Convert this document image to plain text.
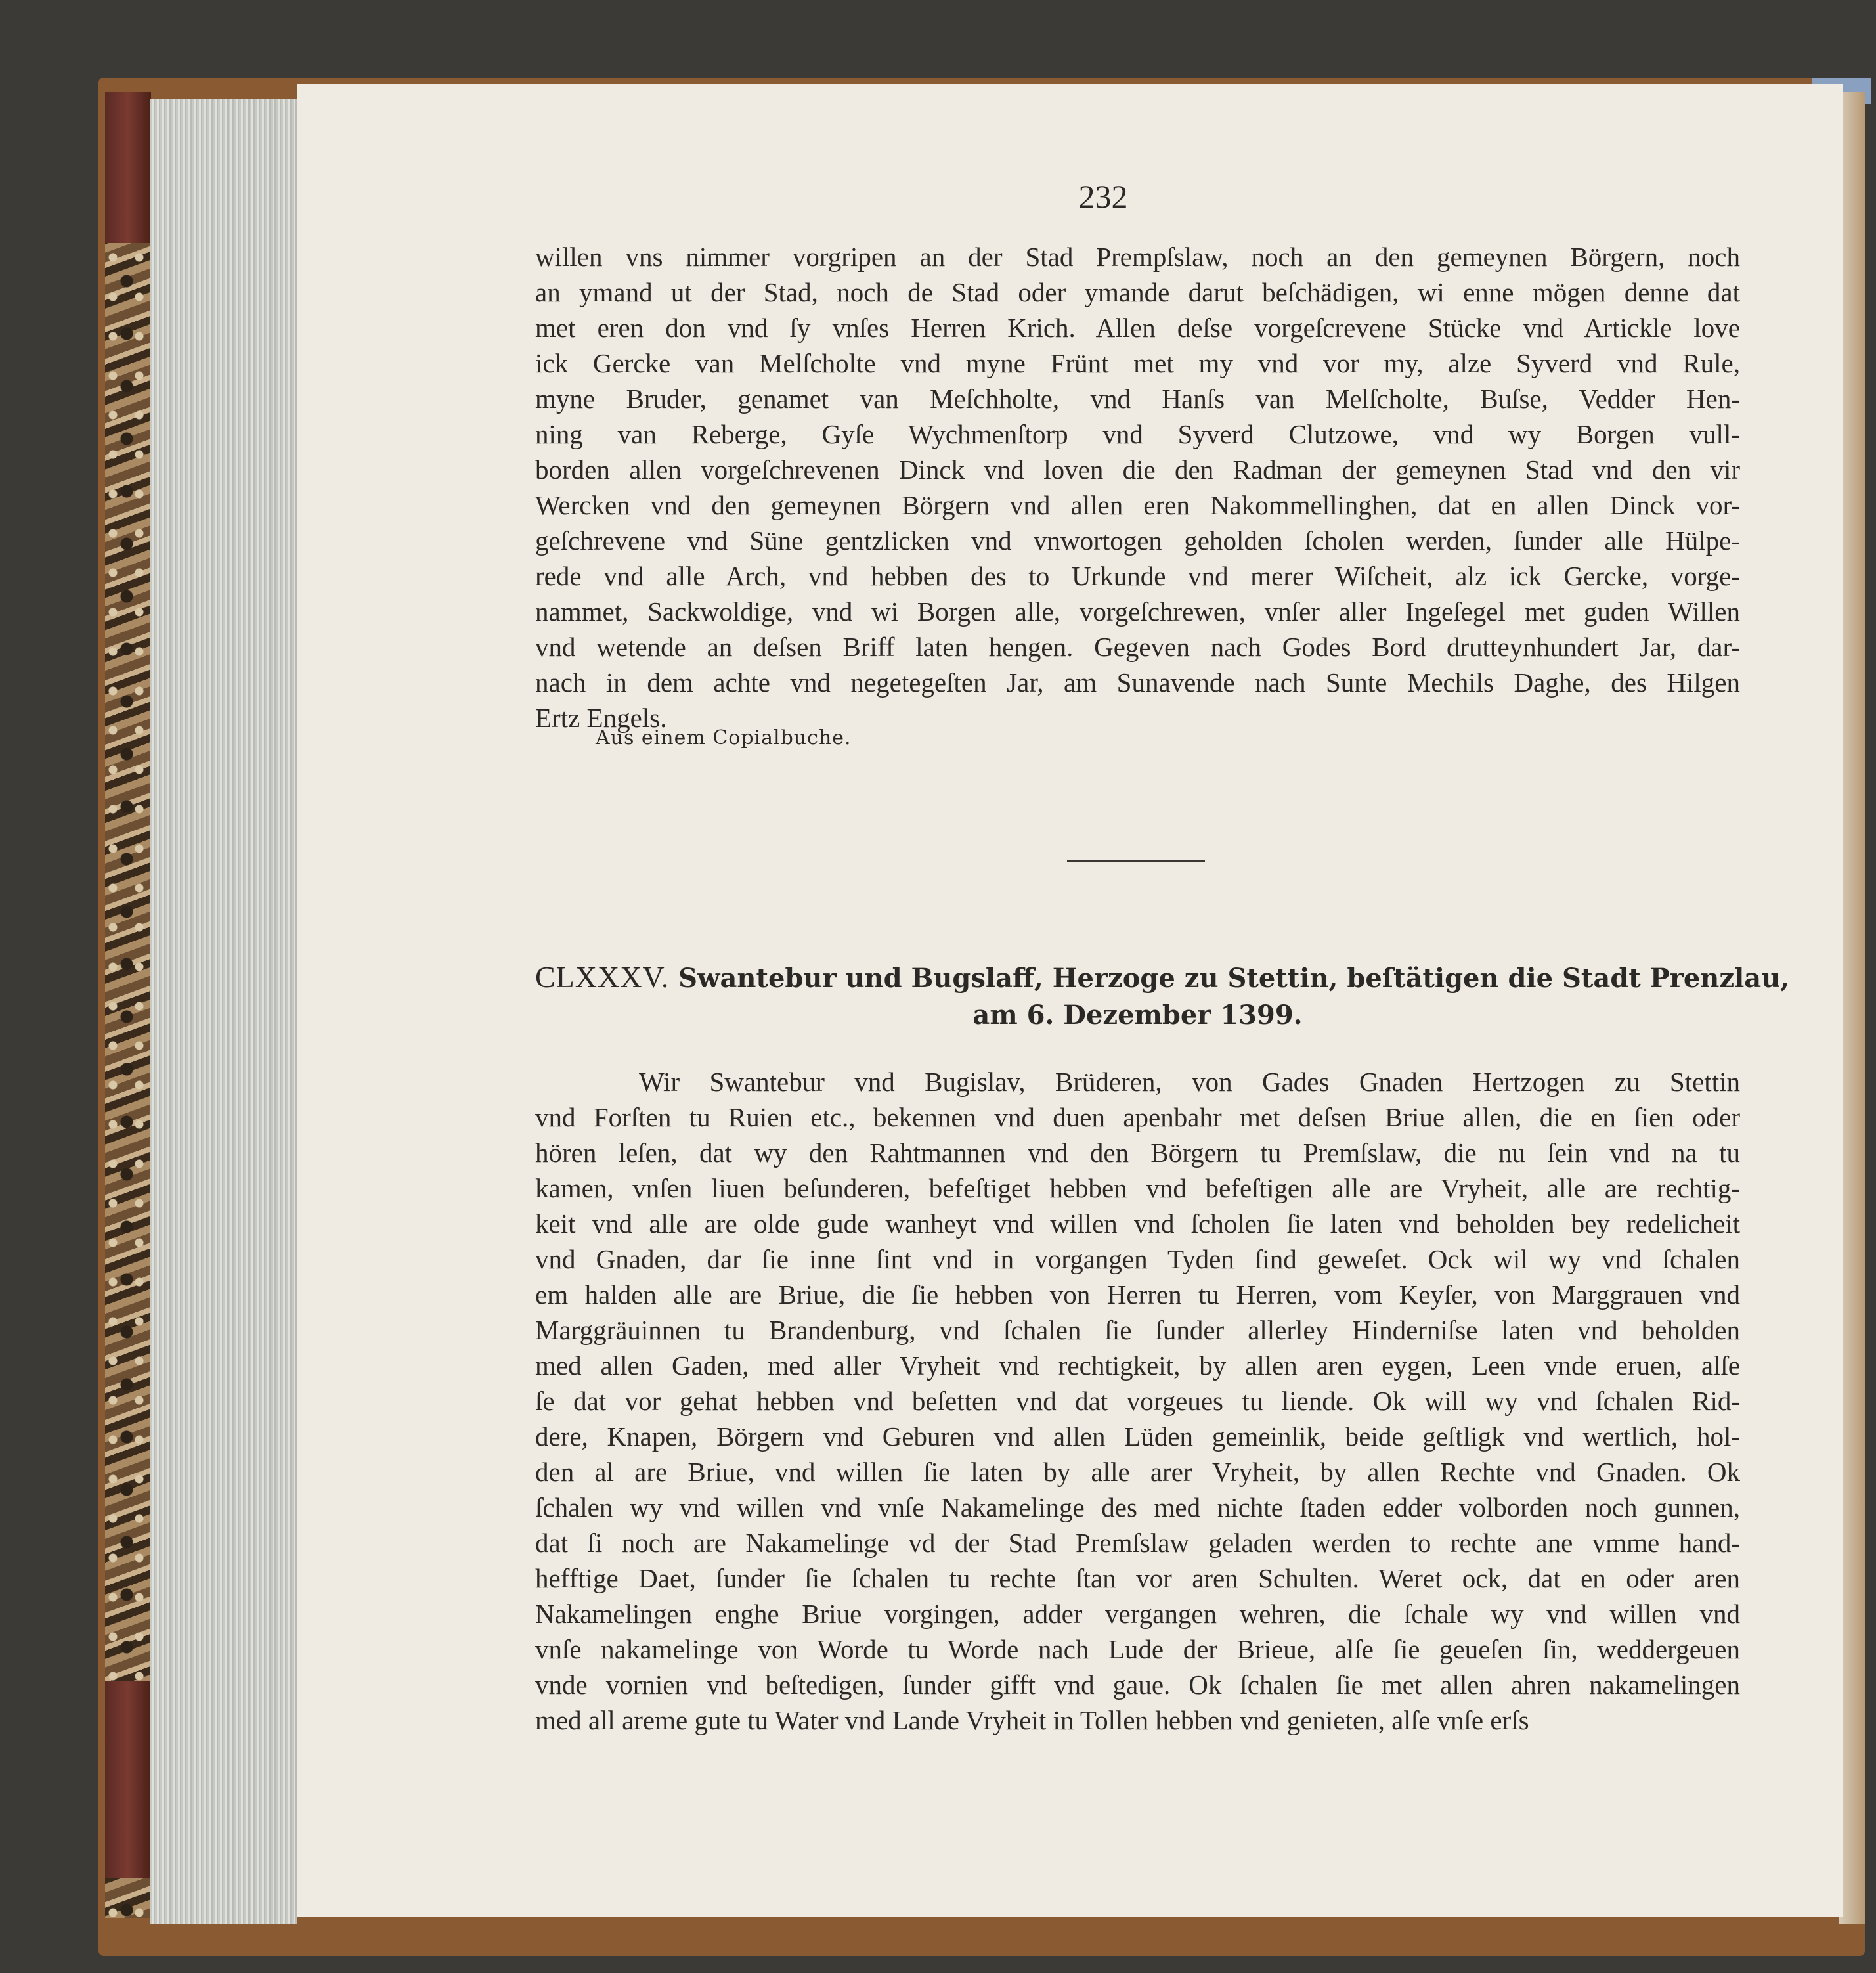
232
willen vns nimmer vorgripen an der Stad Prempſslaw, noch an den gemeynen Börgern, noch
an ymand ut der Stad, noch de Stad oder ymande darut beſchädigen, wi enne mögen denne dat
met eren don vnd ſy vnſes Herren Krich. Allen deſse vorgeſcrevene Stücke vnd Artickle love
ick Gercke van Melſcholte vnd myne Frünt met my vnd vor my, alze Syverd vnd Rule,
myne Bruder, genamet van Meſchholte, vnd Hanſs van Melſcholte, Buſse, Vedder Hen-
ning van Reberge, Gyſe Wychmenſtorp vnd Syverd Clutzowe, vnd wy Borgen vull-
borden allen vorgeſchrevenen Dinck vnd loven die den Radman der gemeynen Stad vnd den vir
Wercken vnd den gemeynen Börgern vnd allen eren Nakommellinghen, dat en allen Dinck vor-
geſchrevene vnd Süne gentzlicken vnd vnwortogen geholden ſcholen werden, ſunder alle Hülpe-
rede vnd alle Arch, vnd hebben des to Urkunde vnd merer Wiſcheit, alz ick Gercke, vorge-
nammet, Sackwoldige, vnd wi Borgen alle, vorgeſchrewen, vnſer aller Ingeſegel met guden Willen
vnd wetende an deſsen Briff laten hengen. Gegeven nach Godes Bord drutteynhundert Jar, dar-
nach in dem achte vnd negetegeſten Jar, am Sunavende nach Sunte Mechils Daghe, des Hilgen
Ertz Engels.
Aus einem Copialbuche.
CLXXXV. Swantebur und Bugslaff, Herzoge zu Stettin, beſtätigen die Stadt Prenzlau,
am 6. Dezember 1399.
Wir Swantebur vnd Bugislav, Brüderen, von Gades Gnaden Hertzogen zu Stettin
vnd Forſten tu Ruien etc., bekennen vnd duen apenbahr met deſsen Briue allen, die en ſien oder
hören leſen, dat wy den Rahtmannen vnd den Börgern tu Premſslaw, die nu ſein vnd na tu
kamen, vnſen liuen beſunderen, befeſtiget hebben vnd befeſtigen alle are Vryheit, alle are rechtig-
keit vnd alle are olde gude wanheyt vnd willen vnd ſcholen ſie laten vnd beholden bey redelicheit
vnd Gnaden, dar ſie inne ſint vnd in vorgangen Tyden ſind geweſet. Ock wil wy vnd ſchalen
em halden alle are Briue, die ſie hebben von Herren tu Herren, vom Keyſer, von Marggrauen vnd
Marggräuinnen tu Brandenburg, vnd ſchalen ſie ſunder allerley Hinderniſse laten vnd beholden
med allen Gaden, med aller Vryheit vnd rechtigkeit, by allen aren eygen, Leen vnde eruen, alſe
ſe dat vor gehat hebben vnd beſetten vnd dat vorgeues tu liende. Ok will wy vnd ſchalen Rid-
dere, Knapen, Börgern vnd Geburen vnd allen Lüden gemeinlik, beide geſtligk vnd wertlich, hol-
den al are Briue, vnd willen ſie laten by alle arer Vryheit, by allen Rechte vnd Gnaden. Ok
ſchalen wy vnd willen vnd vnſe Nakamelinge des med nichte ſtaden edder volborden noch gunnen,
dat ſi noch are Nakamelinge vd der Stad Premſslaw geladen werden to rechte ane vmme hand-
hefftige Daet, ſunder ſie ſchalen tu rechte ſtan vor aren Schulten. Weret ock, dat en oder aren
Nakamelingen enghe Briue vorgingen, adder vergangen wehren, die ſchale wy vnd willen vnd
vnſe nakamelinge von Worde tu Worde nach Lude der Brieue, alſe ſie geueſen ſin, weddergeuen
vnde vornien vnd beſtedigen, ſunder gifft vnd gaue. Ok ſchalen ſie met allen ahren nakamelingen
med all areme gute tu Water vnd Lande Vryheit in Tollen hebben vnd genieten, alſe vnſe erſs
